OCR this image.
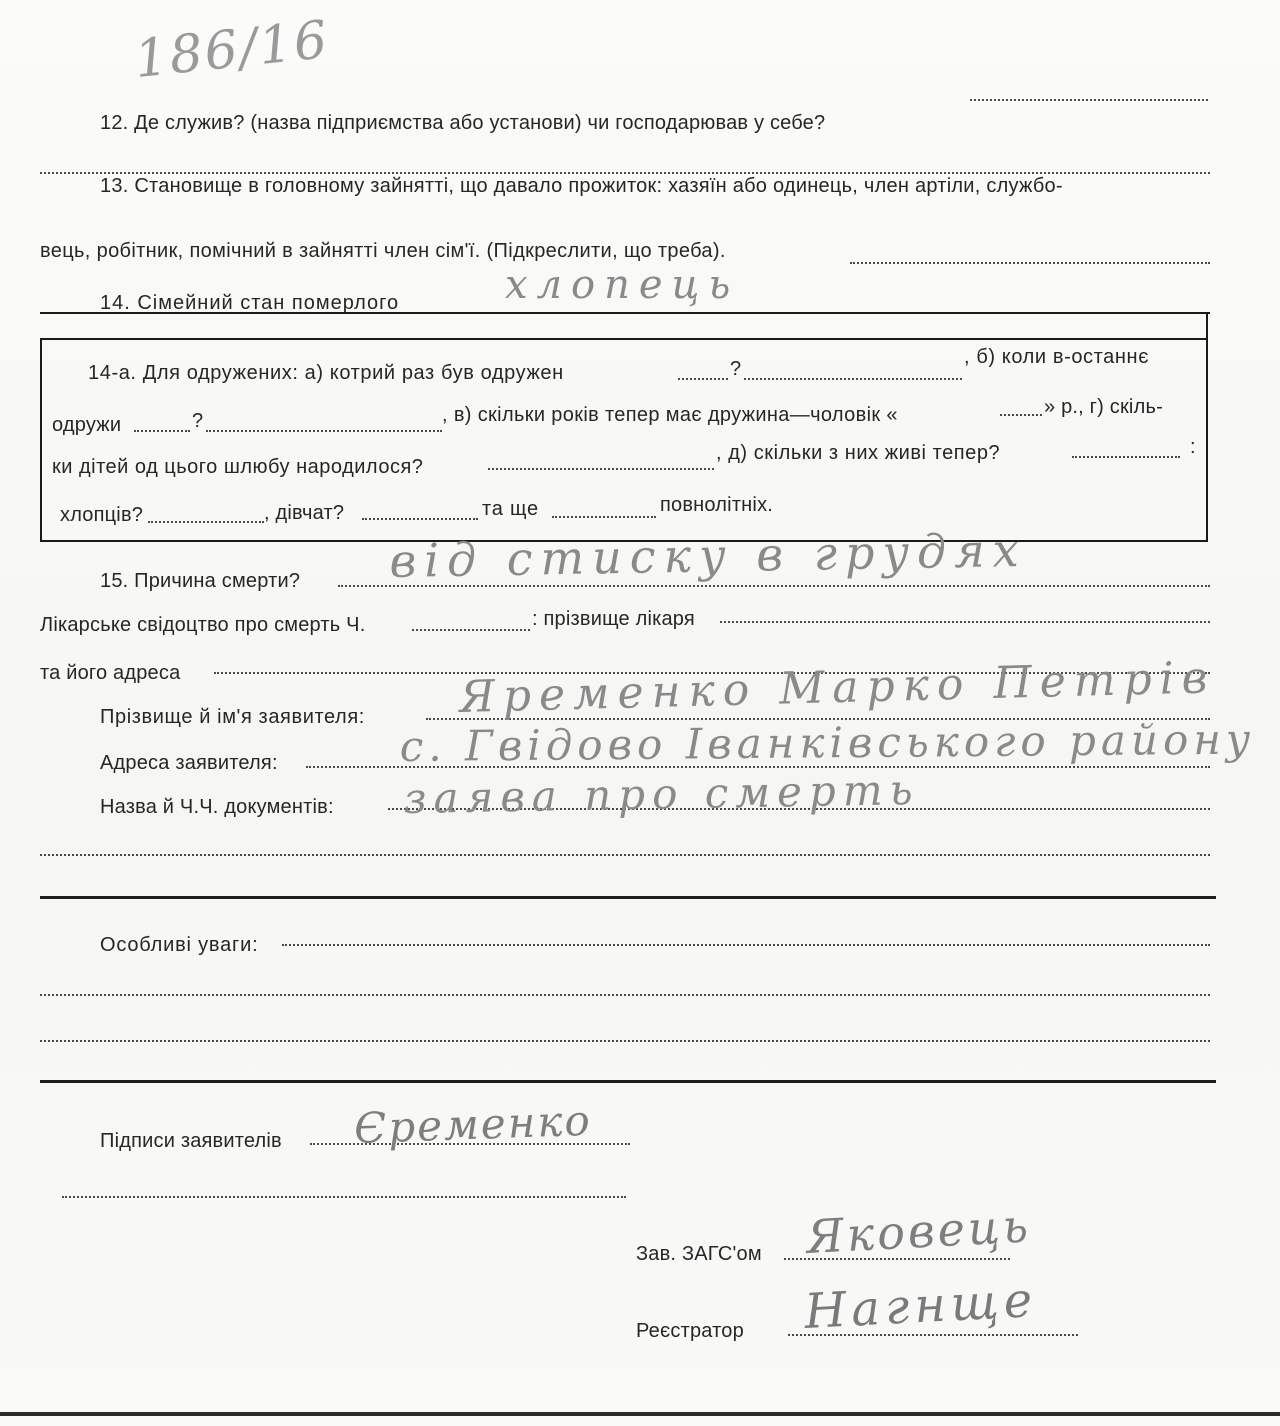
186/16
12. Де служив? (назва підприємства або установи) чи господарював у себе?
13. Становище в головному зайнятті, що давало прожиток: хазяїн або одинець, член артіли, службо-
вець, робітник, помічний в зайнятті член сім'ї. (Підкреслити, що треба).
14. Сімейний стан померлого	хлопець
14-а. Для одружених: а) котрий раз був одружен	?
, б) коли в-останнє
одружи	?	, в) скільки років тепер має дружина—чоловік «	» р., г) скіль-
ки дітей од цього шлюбу народилося?
, д) скільки з них живі тепер?	:
хлопців?	, дівчат?	та ще	повнолітніх.
15. Причина смерти? від стиску в грудях
Лікарське свідоцтво про смерть Ч.	: прізвище лікаря
та його адреса
Прізвище й ім'я заявителя: Яременко Марко Петрів
Адреса заявителя:	с. Гвідово Іванківського району
Назва й Ч.Ч. документів: заява про смерть
Особливі уваги:
Підписи заявителів Єременко
Зав. ЗАГС'ом Яковець
Реєстратор Нагнще
